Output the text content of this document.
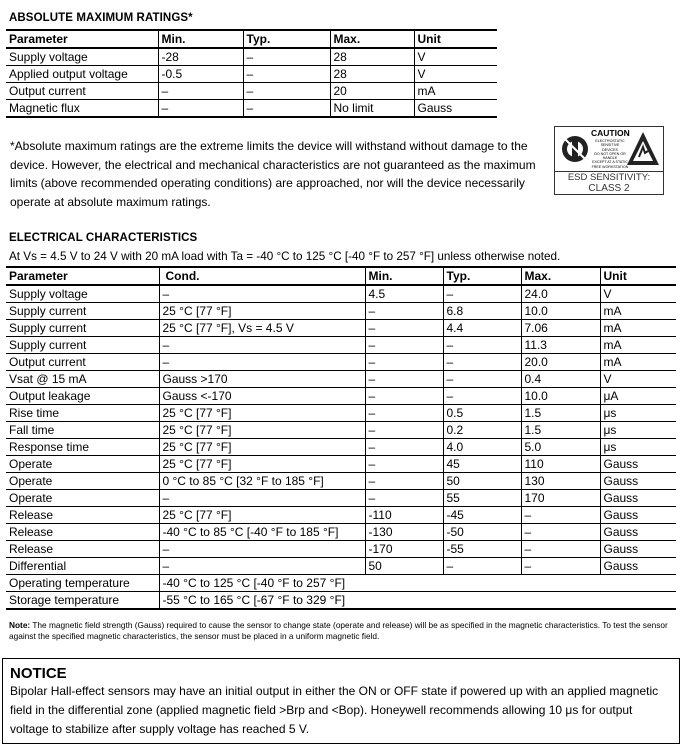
ABSOLUTE MAXIMUM RATINGS*
Parameter	Min.	Typ.	Max.	Unit
Supply voltage	-28	–	28	V
Applied output voltage	-0.5	–	28	V
Output current	–	–	20	mA
Magnetic flux	–	–	No limit	Gauss
*Absolute maximum ratings are the extreme limits the device will withstand without damage to the
device. However, the electrical and mechanical characteristics are not guaranteed as the maximum
limits (above recommended operating conditions) are approached, nor will the device necessarily
operate at absolute maximum ratings.
CAUTION
ELECTROSTATIC
SENSITIVE
DEVICES
DO NOT OPEN OR HANDLE
EXCEPT AT A STATIC
FREE WORKSTATION
ESD SENSITIVITY:
CLASS 2
ELECTRICAL CHARACTERISTICS
At Vs = 4.5 V to 24 V with 20 mA load with Ta = -40 °C to 125 °C [-40 °F to 257 °F] unless otherwise noted.
Parameter	Cond.	Min.	Typ.	Max.	Unit
Supply voltage	–	4.5	–	24.0	V
Supply current	25 °C [77 °F]	–	6.8	10.0	mA
Supply current	25 °C [77 °F], Vs = 4.5 V	–	4.4	7.06	mA
Supply current	–	–	–	11.3	mA
Output current	–	–	–	20.0	mA
Vsat @ 15 mA	Gauss >170	–	–	0.4	V
Output leakage	Gauss <-170	–	–	10.0	μA
Rise time	25 °C [77 °F]	–	0.5	1.5	μs
Fall time	25 °C [77 °F]	–	0.2	1.5	μs
Response time	25 °C [77 °F]	–	4.0	5.0	μs
Operate	25 °C [77 °F]	–	45	110	Gauss
Operate	0 °C to 85 °C [32 °F to 185 °F]	–	50	130	Gauss
Operate	–	–	55	170	Gauss
Release	25 °C [77 °F]	-110	-45	–	Gauss
Release	-40 °C to 85 °C [-40 °F to 185 °F]	-130	-50	–	Gauss
Release	–	-170	-55	–	Gauss
Differential	–	50	–	–	Gauss
Operating temperature	-40 °C to 125 °C [-40 °F to 257 °F]				
Storage temperature	-55 °C to 165 °C [-67 °F to 329 °F]				
Note: The magnetic field strength (Gauss) required to cause the sensor to change state (operate and release) will be as specified in the magnetic characteristics. To test the sensor against the specified magnetic characteristics, the sensor must be placed in a uniform magnetic field.
NOTICE

Bipolar Hall-effect sensors may have an initial output in either the ON or OFF state if powered up with an applied magnetic

field in the differential zone (applied magnetic field >Brp and <Bop). Honeywell recommends allowing 10 μs for output

voltage to stabilize after supply voltage has reached 5 V.
